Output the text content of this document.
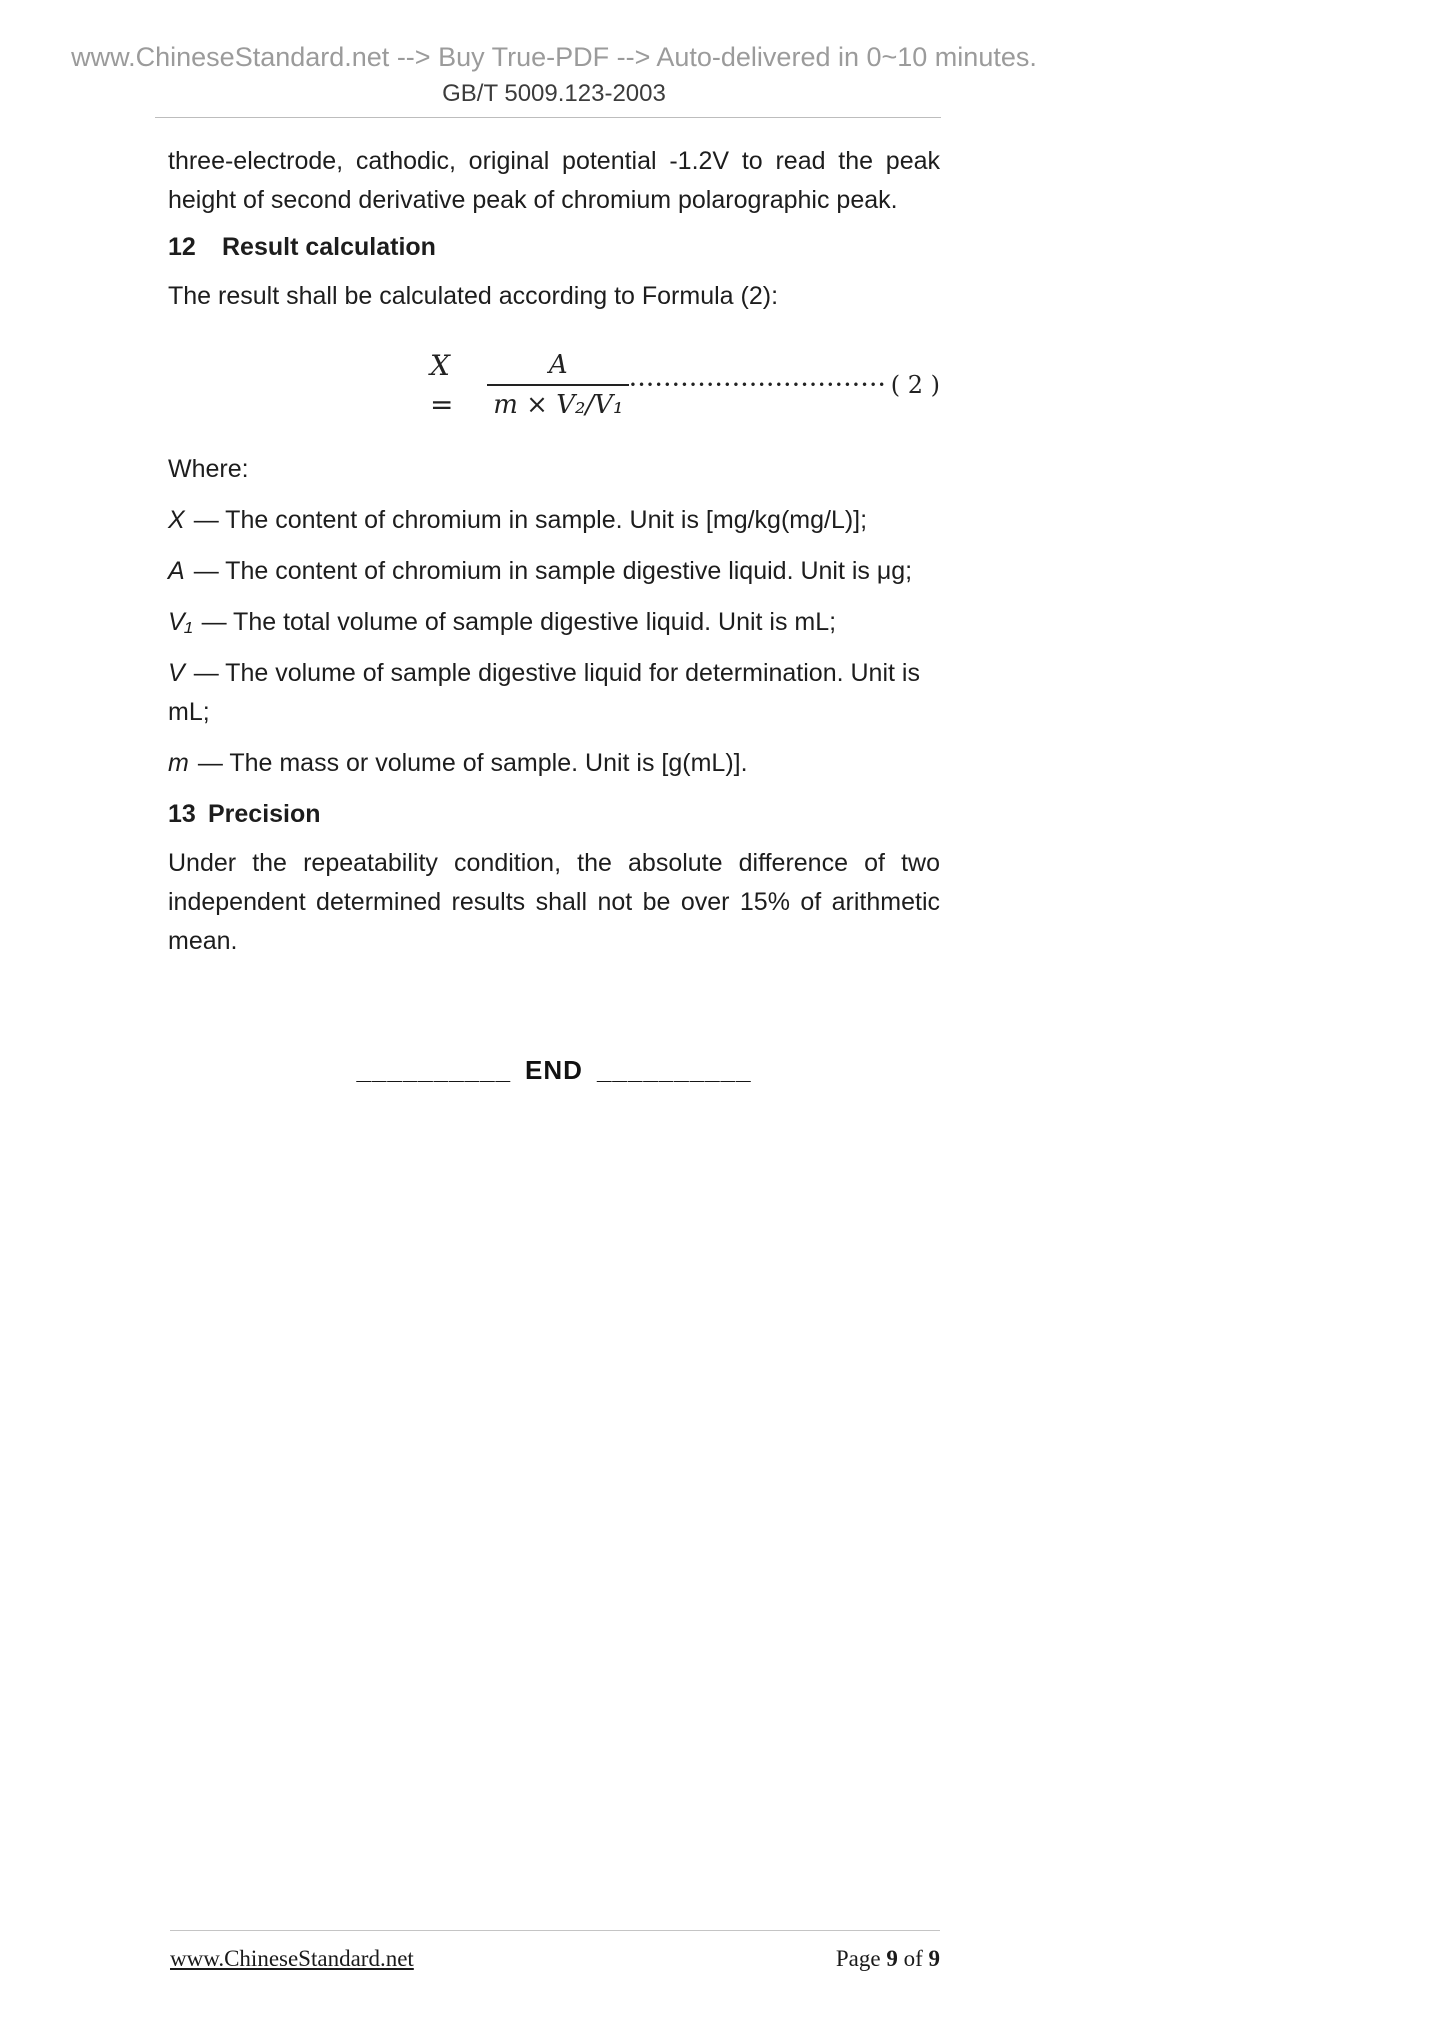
www.ChineseStandard.net --> Buy True-PDF --> Auto-delivered in 0~10 minutes.
GB/T 5009.123-2003

three-electrode, cathodic, original potential -1.2V to read the peak height of second derivative peak of chromium polarographic peak.

12 Result calculation

The result shall be calculated according to Formula (2):

X =	$\frac{A}{\text{m × V₂/V₁}}$ •••••••••••••••••••••••••••••• ( 2 )

Where:

X — The content of chromium in sample. Unit is [mg/kg(mg/L)];

A — The content of chromium in sample digestive liquid. Unit is μg;

V₁ — The total volume of sample digestive liquid. Unit is mL;

V — The volume of sample digestive liquid for determination. Unit is mL;

m — The mass or volume of sample. Unit is [g(mL)].

13 Precision

Under the repeatability condition, the absolute difference of two independent determined results shall not be over 15% of arithmetic mean.

__________ END __________
www.ChineseStandard.net	Page 9 of 9
